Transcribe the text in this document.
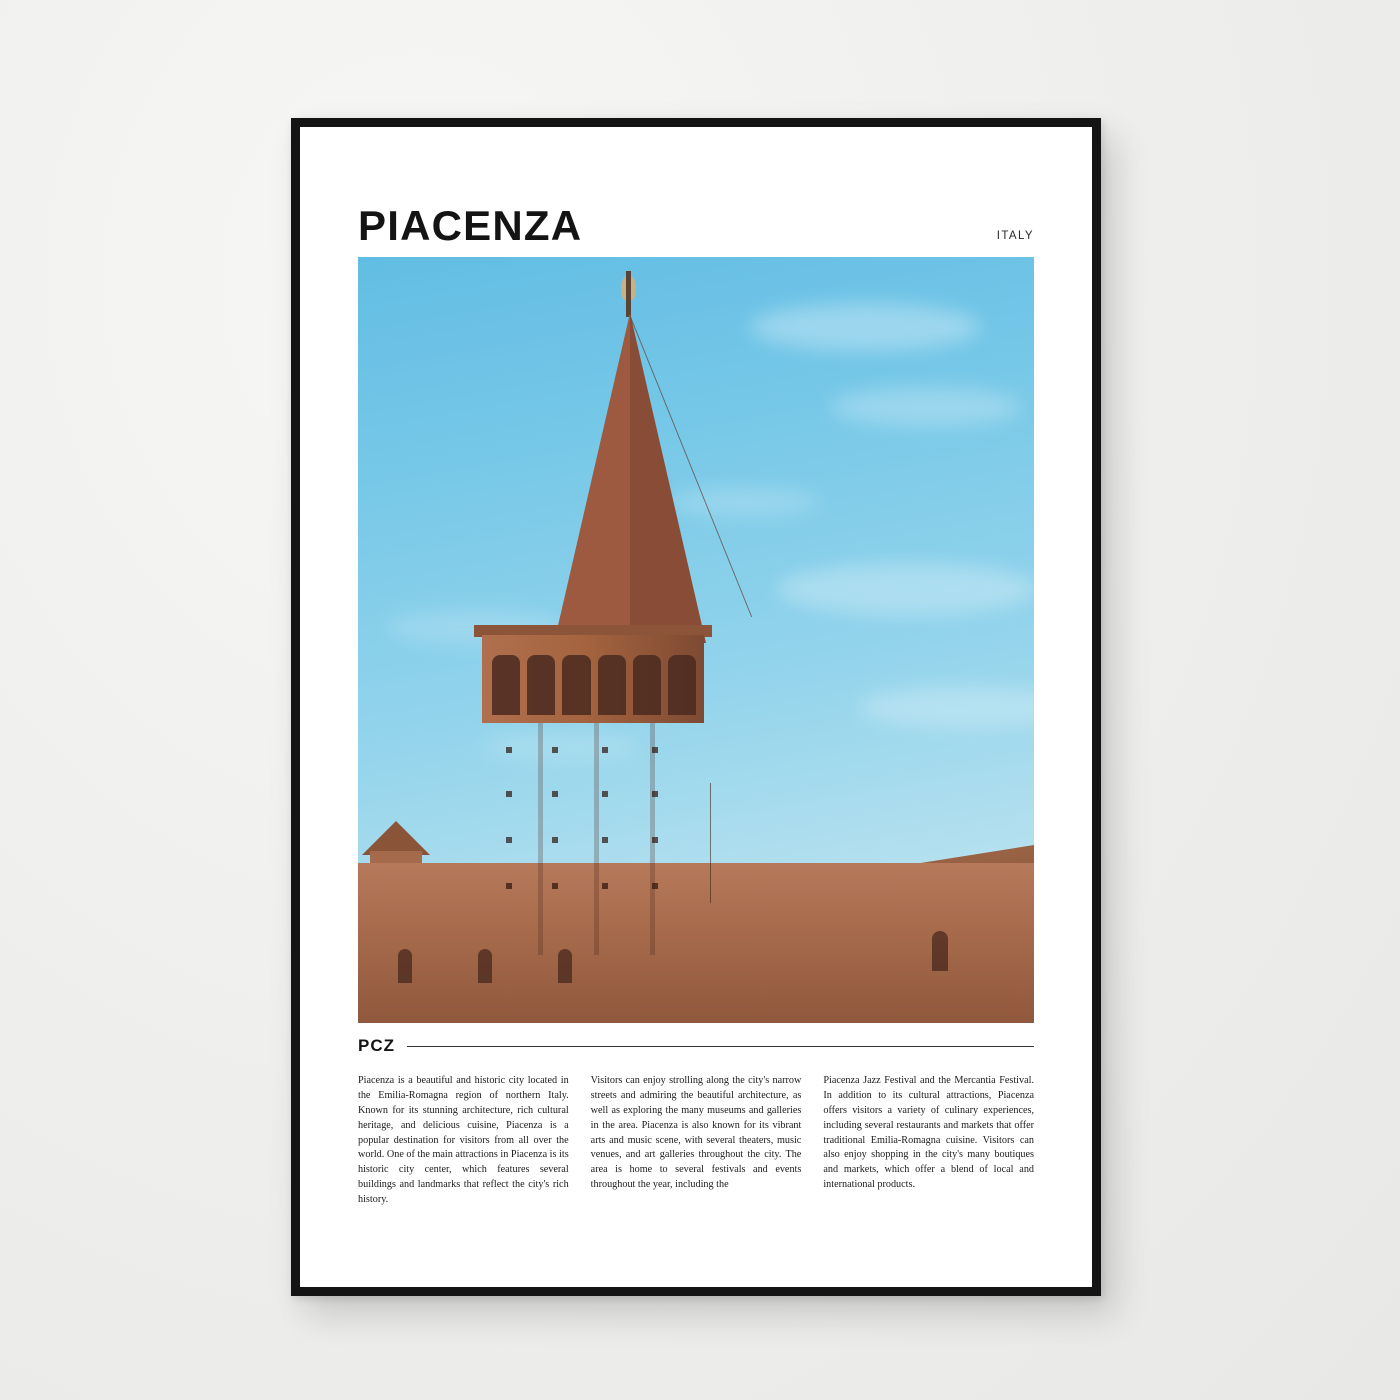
PIACENZA	ITALY
PCZ
Piacenza is a beautiful and historic city located in the Emilia-Romagna region of northern Italy. Known for its stunning architecture, rich cultural heritage, and delicious cuisine, Piacenza is a popular destination for visitors from all over the world. One of the main attractions in Piacenza is its historic city center, which features several buildings and landmarks that reflect the city's rich history.
Visitors can enjoy strolling along the city's narrow streets and admiring the beautiful architecture, as well as exploring the many museums and galleries in the area. Piacenza is also known for its vibrant arts and music scene, with several theaters, music venues, and art galleries throughout the city. The area is home to several festivals and events throughout the year, including the
Piacenza Jazz Festival and the Mercantia Festival. In addition to its cultural attractions, Piacenza offers visitors a variety of culinary experiences, including several restaurants and markets that offer traditional Emilia-Romagna cuisine. Visitors can also enjoy shopping in the city's many boutiques and markets, which offer a blend of local and international products.
